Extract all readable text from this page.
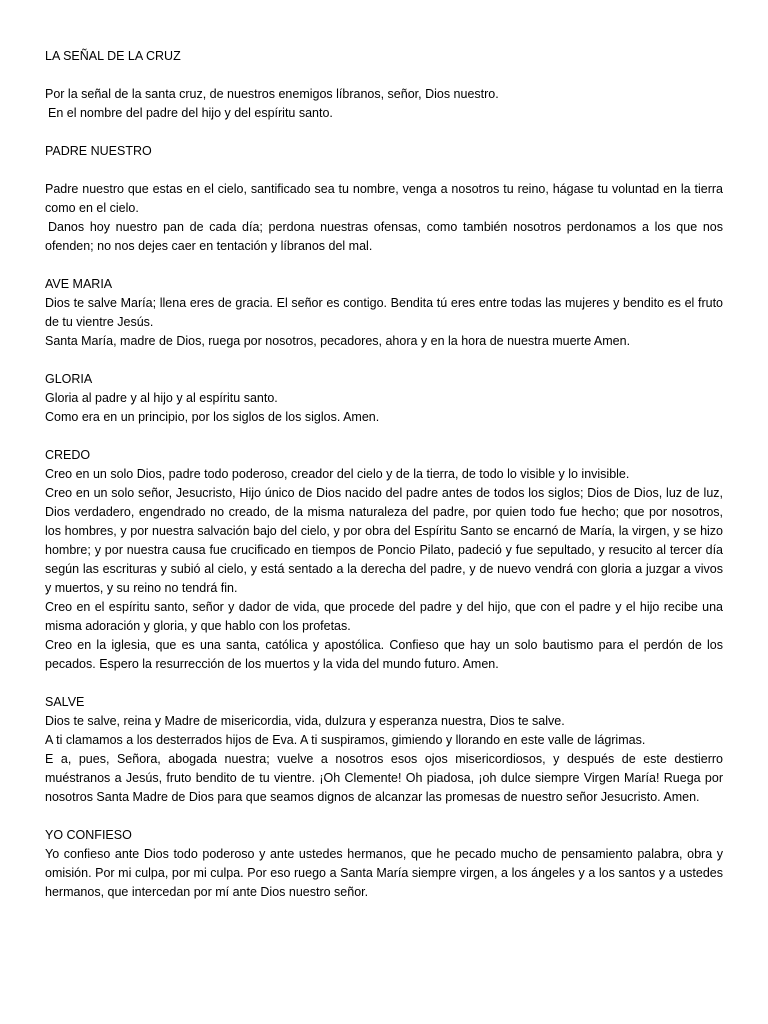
LA SEÑAL DE LA CRUZ

Por la señal de la santa cruz, de nuestros enemigos líbranos, señor, Dios nuestro.

En el nombre del padre del hijo y del espíritu santo.

PADRE NUESTRO

Padre nuestro que estas en el cielo, santificado sea tu nombre, venga a nosotros tu reino, hágase tu voluntad en la tierra como en el cielo.

Danos hoy nuestro pan de cada día; perdona nuestras ofensas, como también nosotros perdonamos a los que nos ofenden; no nos dejes caer en tentación y líbranos del mal.

AVE MARIA

Dios te salve María; llena eres de gracia. El señor es contigo. Bendita tú eres entre todas las mujeres y bendito es el fruto de tu vientre Jesús.

Santa María, madre de Dios, ruega por nosotros, pecadores, ahora y en la hora de nuestra muerte Amen.

GLORIA

Gloria al padre y al hijo y al espíritu santo.

Como era en un principio, por los siglos de los siglos. Amen.

CREDO

Creo en un solo Dios, padre todo poderoso, creador del cielo y de la tierra, de todo lo visible y lo invisible.

Creo en un solo señor, Jesucristo, Hijo único de Dios nacido del padre antes de todos los siglos; Dios de Dios, luz de luz, Dios verdadero, engendrado no creado, de la misma naturaleza del padre, por quien todo fue hecho; que por nosotros, los hombres, y por nuestra salvación bajo del cielo, y por obra del Espíritu Santo se encarnó de María, la virgen, y se hizo hombre; y por nuestra causa fue crucificado en tiempos de Poncio Pilato, padeció y fue sepultado, y resucito al tercer día según las escrituras y subió al cielo, y está sentado a la derecha del padre, y de nuevo vendrá con gloria a juzgar a vivos y muertos, y su reino no tendrá fin.

Creo en el espíritu santo, señor y dador de vida, que procede del padre y del hijo, que con el padre y el hijo recibe una misma adoración y gloria, y que hablo con los profetas.

Creo en la iglesia, que es una santa, católica y apostólica. Confieso que hay un solo bautismo para el perdón de los pecados. Espero la resurrección de los muertos y la vida del mundo futuro. Amen.

SALVE

Dios te salve, reina y Madre de misericordia, vida, dulzura y esperanza nuestra, Dios te salve.

A ti clamamos a los desterrados hijos de Eva. A ti suspiramos, gimiendo y llorando en este valle de lágrimas.

E a, pues, Señora, abogada nuestra; vuelve a nosotros esos ojos misericordiosos, y después de este destierro muéstranos a Jesús, fruto bendito de tu vientre. ¡Oh Clemente! Oh piadosa, ¡oh dulce siempre Virgen María! Ruega por nosotros Santa Madre de Dios para que seamos dignos de alcanzar las promesas de nuestro señor Jesucristo. Amen.

YO CONFIESO

Yo confieso ante Dios todo poderoso y ante ustedes hermanos, que he pecado mucho de pensamiento palabra, obra y omisión. Por mi culpa, por mi culpa. Por eso ruego a Santa María siempre virgen, a los ángeles y a los santos y a ustedes hermanos, que intercedan por mí ante Dios nuestro señor.
